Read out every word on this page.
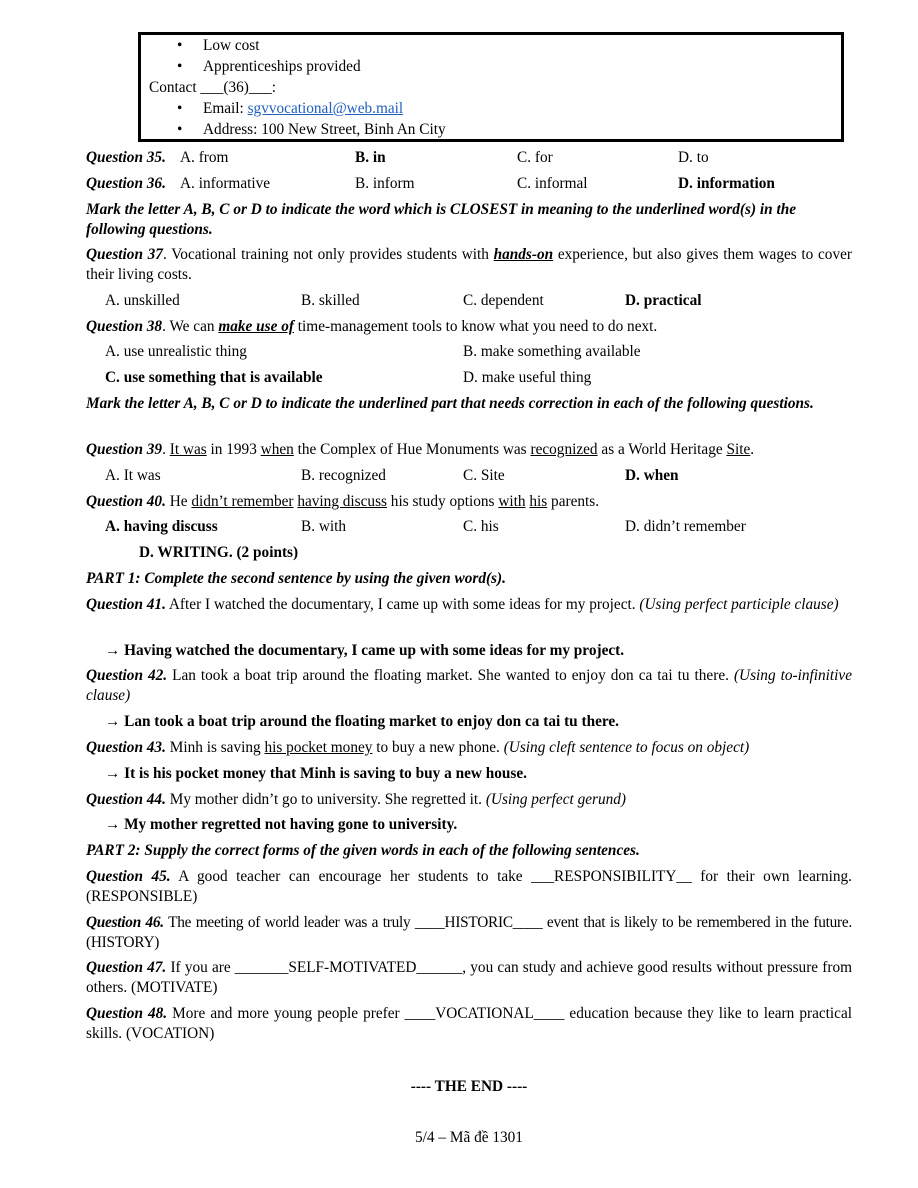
• Low cost
• Apprenticeships provided
Contact ___(36)___:
• Email: sgvvocational@web.mail
• Address: 100 New Street, Binh An City
Question 35. A. from	B. in	C. for	D. to
Question 36. A. informative	B. inform	C. informal	D. information
Mark the letter A, B, C or D to indicate the word which is CLOSEST in meaning to the underlined word(s) in the following questions.
Question 37. Vocational training not only provides students with hands-on experience, but also gives them wages to cover their living costs.
A. unskilled	B. skilled	C. dependent	D. practical
Question 38. We can make use of time-management tools to know what you need to do next.
A. use unrealistic thing	B. make something available
C. use something that is available	D. make useful thing
Mark the letter A, B, C or D to indicate the underlined part that needs correction in each of the following questions.
Question 39. It was in 1993 when the Complex of Hue Monuments was recognized as a World Heritage Site.
A. It was	B. recognized	C. Site	D. when
Question 40. He didn’t remember having discuss his study options with his parents.
A. having discuss	B. with	C. his	D. didn’t remember
D. WRITING. (2 points)
PART 1: Complete the second sentence by using the given word(s).
Question 41. After I watched the documentary, I came up with some ideas for my project. (Using perfect participle clause)
→ Having watched the documentary, I came up with some ideas for my project.
Question 42. Lan took a boat trip around the floating market. She wanted to enjoy don ca tai tu there. (Using to-infinitive clause)
→ Lan took a boat trip around the floating market to enjoy don ca tai tu there.
Question 43. Minh is saving his pocket money to buy a new phone. (Using cleft sentence to focus on object)
→ It is his pocket money that Minh is saving to buy a new house.
Question 44. My mother didn’t go to university. She regretted it. (Using perfect gerund)
→ My mother regretted not having gone to university.
PART 2: Supply the correct forms of the given words in each of the following sentences.
Question 45. A good teacher can encourage her students to take ___RESPONSIBILITY__ for their own learning. (RESPONSIBLE)
Question 46. The meeting of world leader was a truly ____HISTORIC____ event that is likely to be remembered in the future. (HISTORY)
Question 47. If you are _______SELF-MOTIVATED______, you can study and achieve good results without pressure from others. (MOTIVATE)
Question 48. More and more young people prefer ____VOCATIONAL____ education because they like to learn practical skills. (VOCATION)
---- THE END ----
5/4 – Mã đề 1301
